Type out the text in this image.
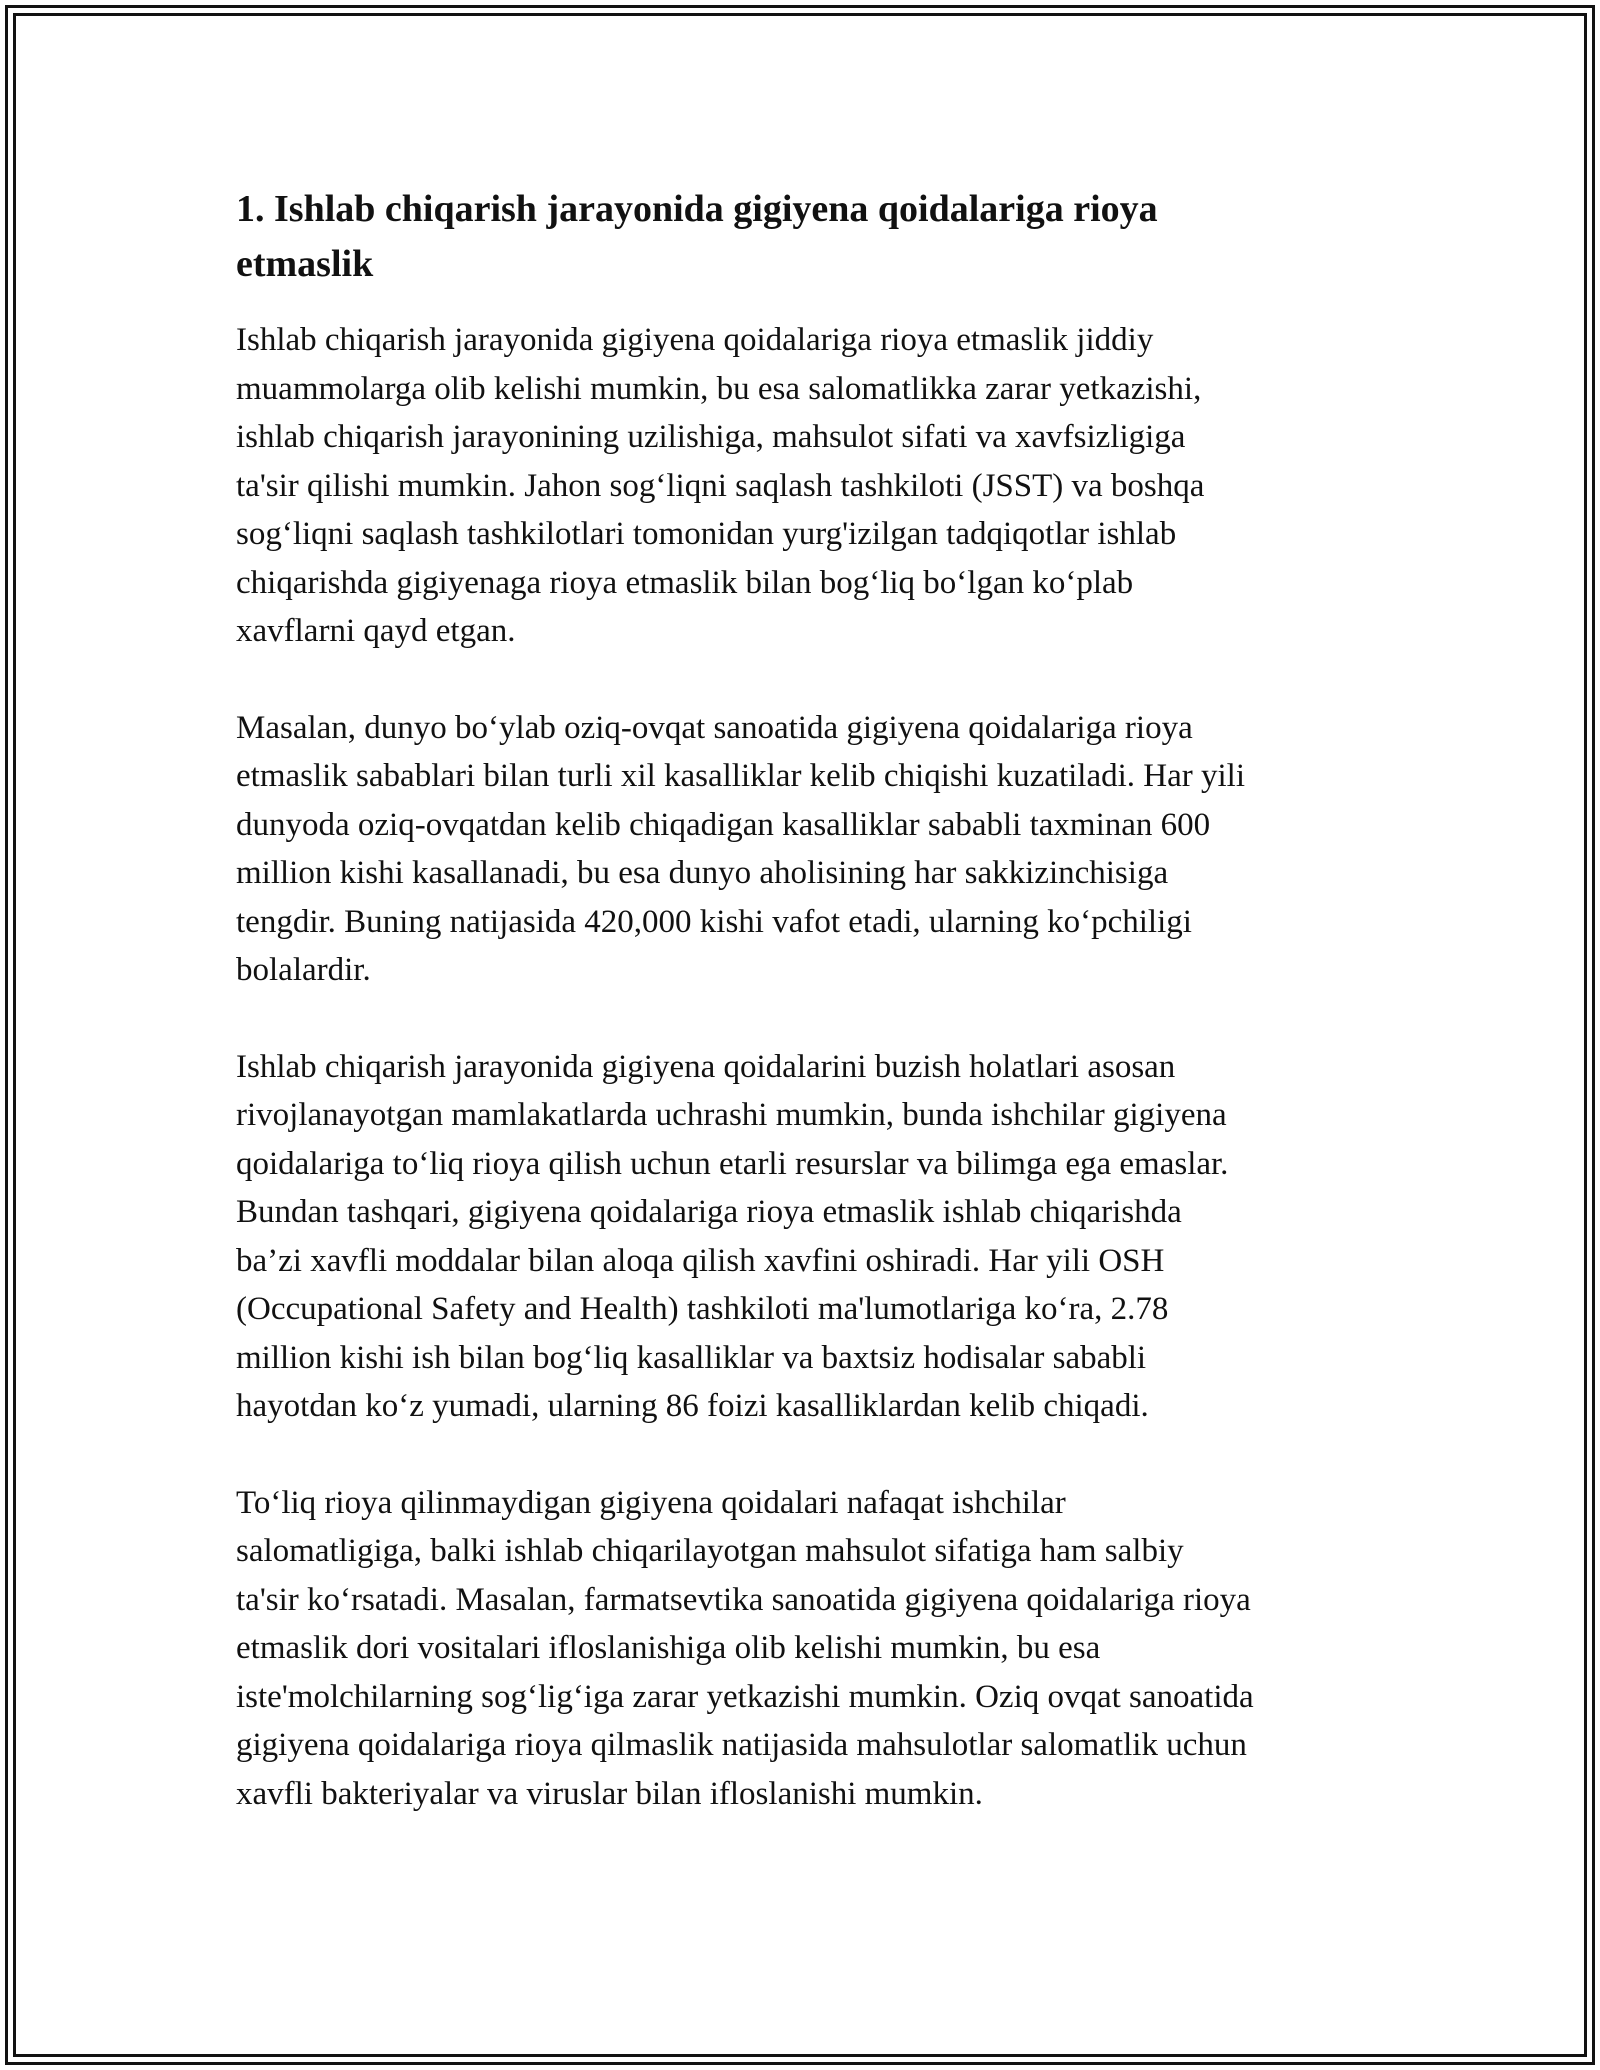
1. Ishlab chiqarish jarayonida gigiyena qoidalariga rioya
etmaslik
Ishlab chiqarish jarayonida gigiyena qoidalariga rioya etmaslik jiddiy
muammolarga olib kelishi mumkin, bu esa salomatlikka zarar yetkazishi,
ishlab chiqarish jarayonining uzilishiga, mahsulot sifati va xavfsizligiga
ta'sir qilishi mumkin. Jahon sog‘liqni saqlash tashkiloti (JSST) va boshqa
sog‘liqni saqlash tashkilotlari tomonidan yurg'izilgan tadqiqotlar ishlab
chiqarishda gigiyenaga rioya etmaslik bilan bog‘liq bo‘lgan ko‘plab
xavflarni qayd etgan.
Masalan, dunyo bo‘ylab oziq-ovqat sanoatida gigiyena qoidalariga rioya
etmaslik sabablari bilan turli xil kasalliklar kelib chiqishi kuzatiladi. Har yili
dunyoda oziq-ovqatdan kelib chiqadigan kasalliklar sababli taxminan 600
million kishi kasallanadi, bu esa dunyo aholisining har sakkizinchisiga
tengdir. Buning natijasida 420,000 kishi vafot etadi, ularning ko‘pchiligi
bolalardir.
Ishlab chiqarish jarayonida gigiyena qoidalarini buzish holatlari asosan
rivojlanayotgan mamlakatlarda uchrashi mumkin, bunda ishchilar gigiyena
qoidalariga to‘liq rioya qilish uchun etarli resurslar va bilimga ega emaslar.
Bundan tashqari, gigiyena qoidalariga rioya etmaslik ishlab chiqarishda
ba’zi xavfli moddalar bilan aloqa qilish xavfini oshiradi. Har yili OSH
(Occupational Safety and Health) tashkiloti ma'lumotlariga ko‘ra, 2.78
million kishi ish bilan bog‘liq kasalliklar va baxtsiz hodisalar sababli
hayotdan ko‘z yumadi, ularning 86 foizi kasalliklardan kelib chiqadi.
To‘liq rioya qilinmaydigan gigiyena qoidalari nafaqat ishchilar
salomatligiga, balki ishlab chiqarilayotgan mahsulot sifatiga ham salbiy
ta'sir ko‘rsatadi. Masalan, farmatsevtika sanoatida gigiyena qoidalariga rioya
etmaslik dori vositalari ifloslanishiga olib kelishi mumkin, bu esa
iste'molchilarning sog‘lig‘iga zarar yetkazishi mumkin. Oziq ovqat sanoatida
gigiyena qoidalariga rioya qilmaslik natijasida mahsulotlar salomatlik uchun
xavfli bakteriyalar va viruslar bilan ifloslanishi mumkin.
